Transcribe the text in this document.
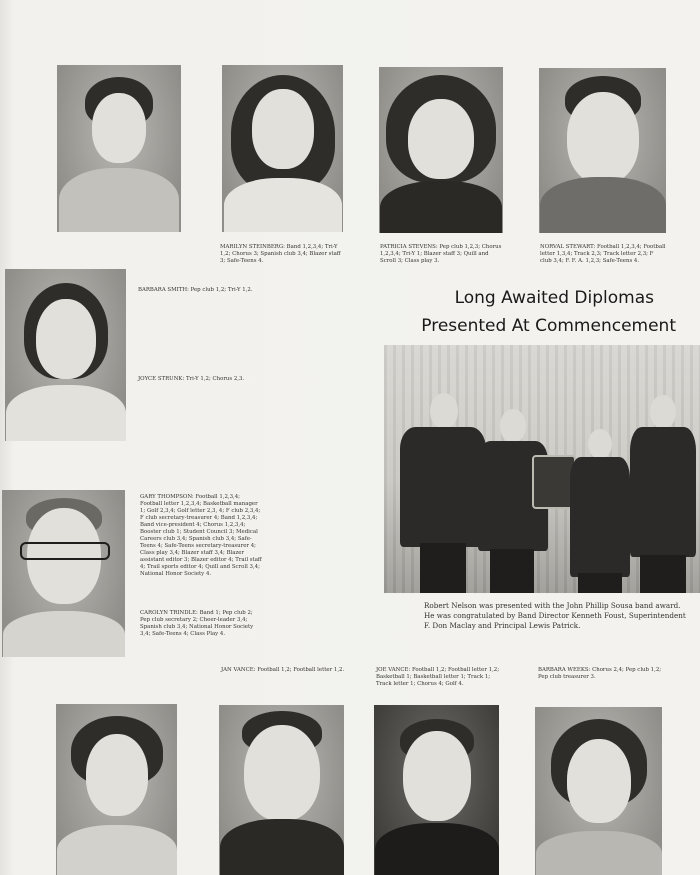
MARILYN STEINBERG: Band 1,2,3,4; Tri-Y 1,2; Chorus 3; Spanish club 3,4; Blazer staff 3; Safe-Teens 4.
PATRICIA STEVENS: Pep club 1,2,3; Chorus 1,2,3,4; Tri-Y 1; Blazer staff 3; Quill and Scroll 3; Class play 3.
NORVAL STEWART: Football 1,2,3,4; Football letter 1,3,4; Track 2,3; Track letter 2,3; F club 3,4; F. F. A. 1,2,3; Safe-Teens 4.
BARBARA SMITH: Pep club 1,2; Tri-Y 1,2.
JOYCE STRUNK: Tri-Y 1,2; Chorus 2,3.
Long Awaited Diplomas
Presented At Commencement
Robert Nelson was presented with the John Phillip Sousa band award. He was congratulated by Band Director Kenneth Foust, Superintendent F. Don Maclay and Principal Lewis Patrick.
GARY THOMPSON: Football 1,2,3,4; Football letter 1,2,3,4; Basketball manager 1; Golf 2,3,4; Golf letter 2,3, 4; F club 2,3,4; F club secretary-treasurer 4; Band 1,2,3,4; Band vice-president 4; Chorus 1,2,3,4; Booster club 1; Student Council 3; Medical Careers club 3,4; Spanish club 3,4; Safe-Teens 4; Safe-Teens secretary-treasurer 4; Class play 3,4; Blazer staff 3,4; Blazer assistant editor 3; Blazer editor 4; Trail staff 4; Trail sports editor 4; Quill and Scroll 3,4; National Honor Society 4.
CAROLYN TRINDLE: Band 1; Pep club 2; Pep club secretary 2; Cheer-leader 3,4; Spanish club 3,4; National Honor Society 3,4; Safe-Teens 4; Class Play 4.
JAN VANCE: Football 1,2; Football letter 1,2.	JOE VANCE: Football 1,2; Football letter 1,2; Basketball 1; Basketball letter 1; Track 1; Track letter 1; Chorus 4; Golf 4.
BARBARA WEEKS: Chorus 2,4; Pep club 1,2; Pep club treasurer 3.
